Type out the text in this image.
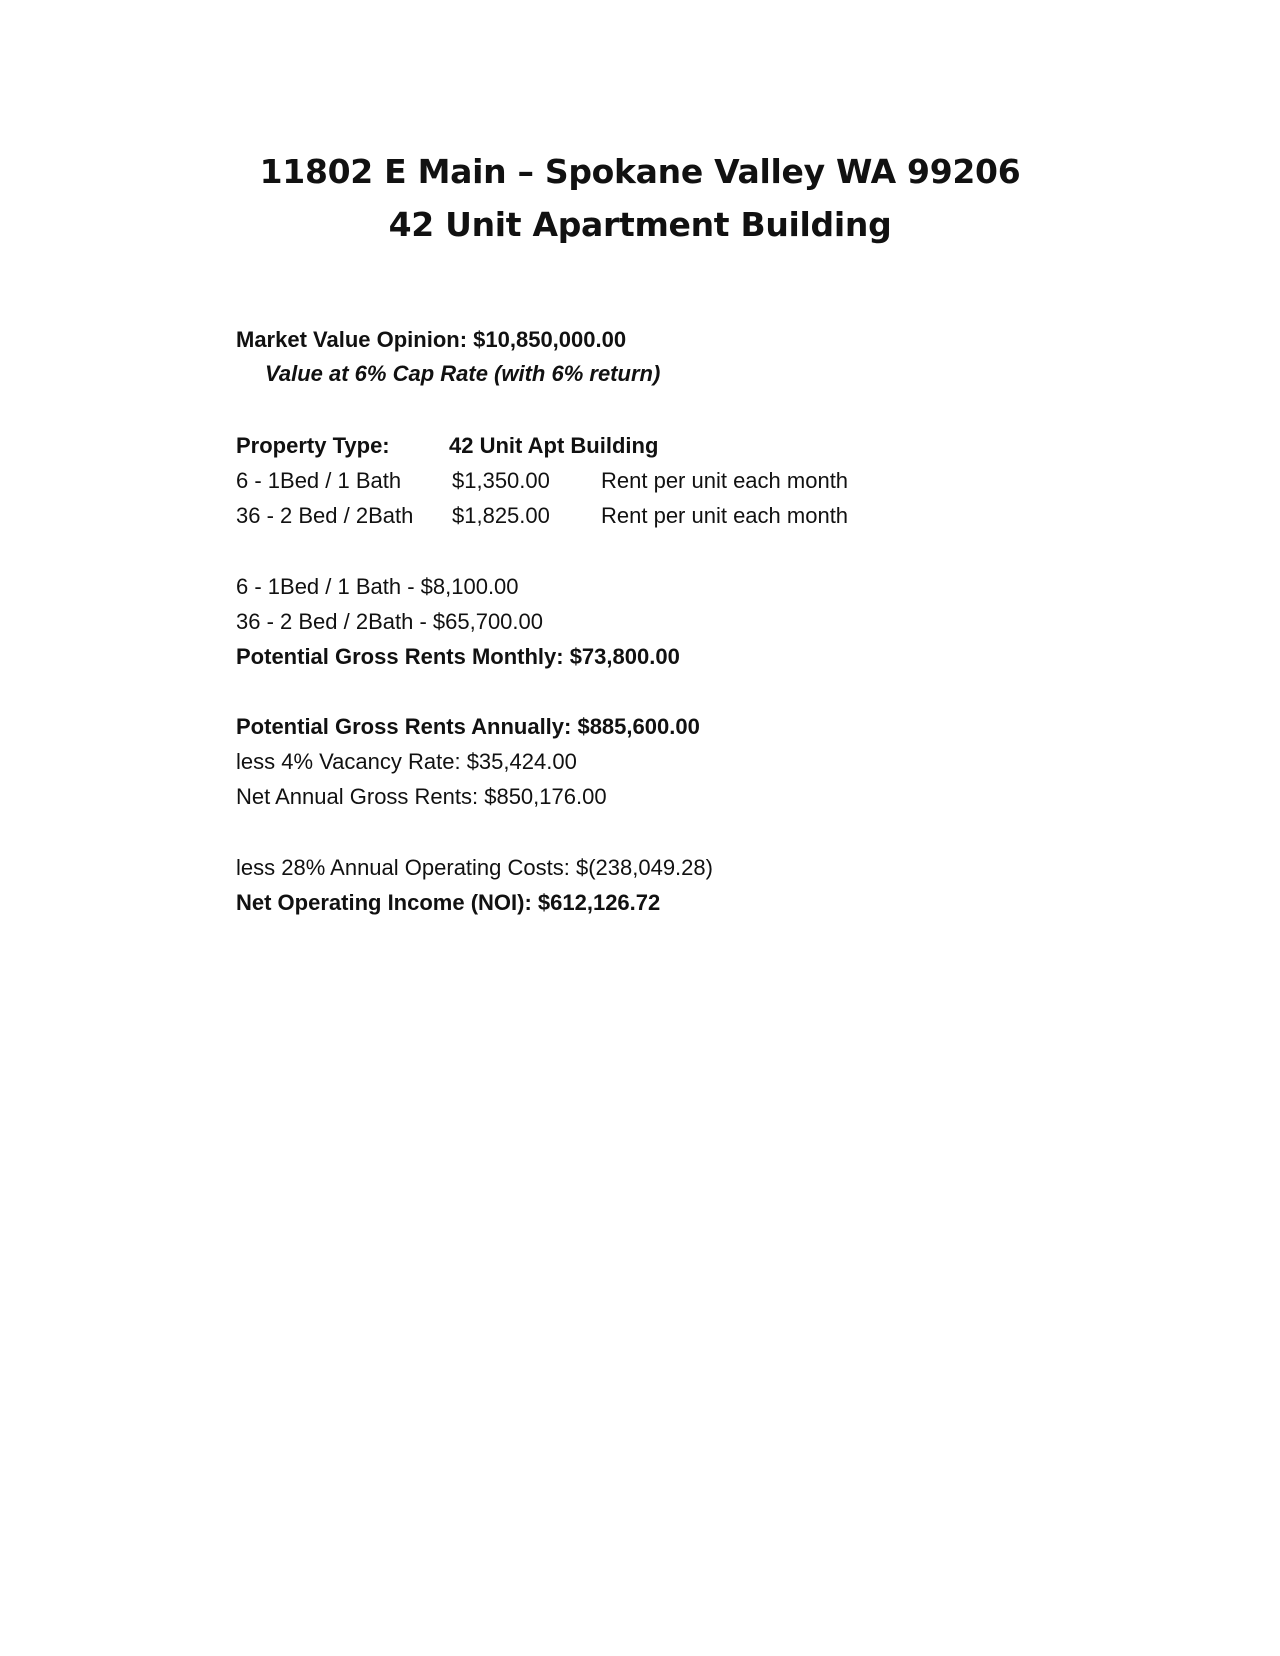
11802 E Main – Spokane Valley WA 99206
42 Unit Apartment Building

Market Value Opinion: $10,850,000.00

Value at 6% Cap Rate (with 6% return)

Property Type:	42 Unit Apt Building
6 - 1Bed / 1 Bath $1,350.00 Rent per unit each month
36 - 2 Bed / 2Bath $1,825.00 Rent per unit each month

6 - 1Bed / 1 Bath - $8,100.00

36 - 2 Bed / 2Bath - $65,700.00

Potential Gross Rents Monthly: $73,800.00

Potential Gross Rents Annually: $885,600.00

less 4% Vacancy Rate: $35,424.00

Net Annual Gross Rents: $850,176.00

less 28% Annual Operating Costs: $(238,049.28)

Net Operating Income (NOI): $612,126.72
